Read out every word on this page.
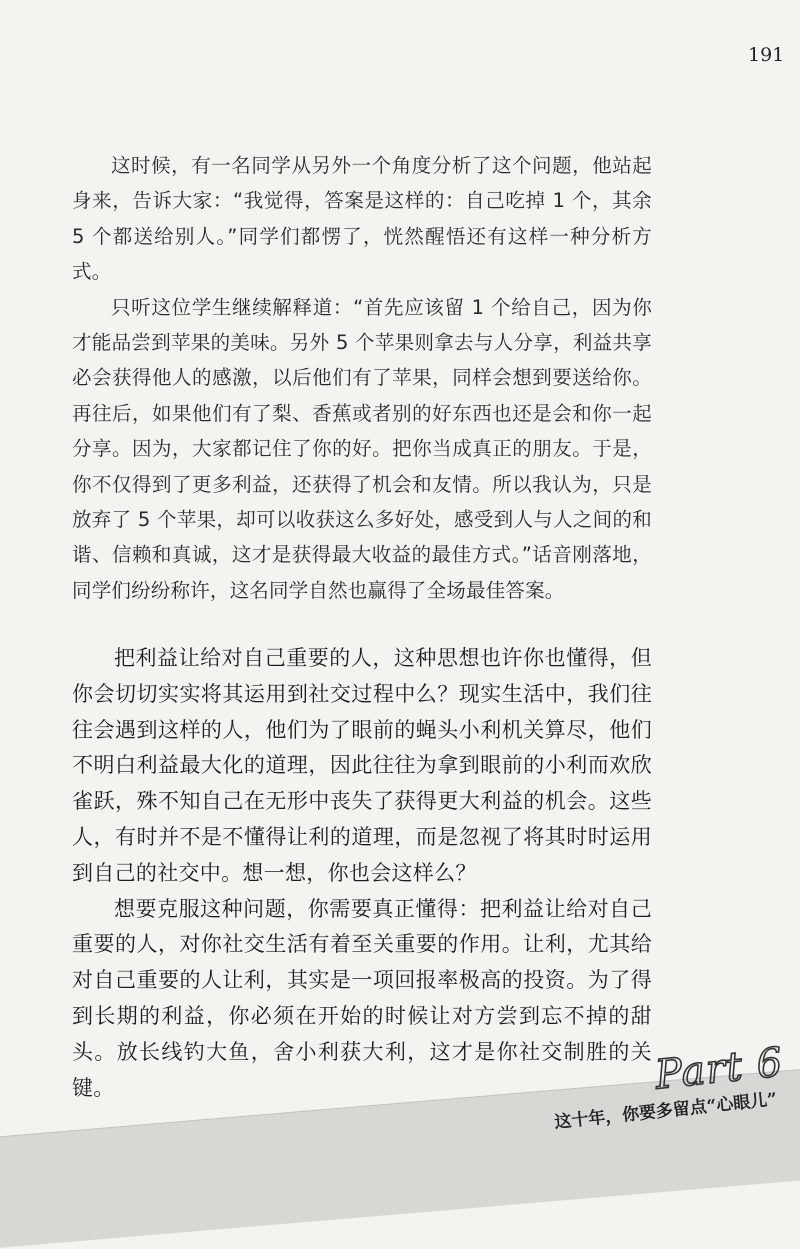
191

这时候，有一名同学从另外一个角度分析了这个问题，他站起身来，告诉大家：“我觉得，答案是这样的：自己吃掉 1 个，其余 5 个都送给别人。”同学们都愣了，恍然醒悟还有这样一种分析方式。

只听这位学生继续解释道：“首先应该留 1 个给自己，因为你才能品尝到苹果的美味。另外 5 个苹果则拿去与人分享，利益共享必会获得他人的感激，以后他们有了苹果，同样会想到要送给你。再往后，如果他们有了梨、香蕉或者别的好东西也还是会和你一起分享。因为，大家都记住了你的好。把你当成真正的朋友。于是，你不仅得到了更多利益，还获得了机会和友情。所以我认为，只是放弃了 5 个苹果，却可以收获这么多好处，感受到人与人之间的和谐、信赖和真诚，这才是获得最大收益的最佳方式。”话音刚落地，同学们纷纷称许，这名同学自然也赢得了全场最佳答案。

把利益让给对自己重要的人，这种思想也许你也懂得，但你会切切实实将其运用到社交过程中么？现实生活中，我们往往会遇到这样的人，他们为了眼前的蝇头小利机关算尽，他们不明白利益最大化的道理，因此往往为拿到眼前的小利而欢欣雀跃，殊不知自己在无形中丧失了获得更大利益的机会。这些人，有时并不是不懂得让利的道理，而是忽视了将其时时运用到自己的社交中。想一想，你也会这样么？

想要克服这种问题，你需要真正懂得：把利益让给对自己重要的人，对你社交生活有着至关重要的作用。让利，尤其给对自己重要的人让利，其实是一项回报率极高的投资。为了得到长期的利益，你必须在开始的时候让对方尝到忘不掉的甜头。放长线钓大鱼，舍小利获大利，这才是你社交制胜的关键。	Part 6
这十年，你要多留点“心眼儿”
